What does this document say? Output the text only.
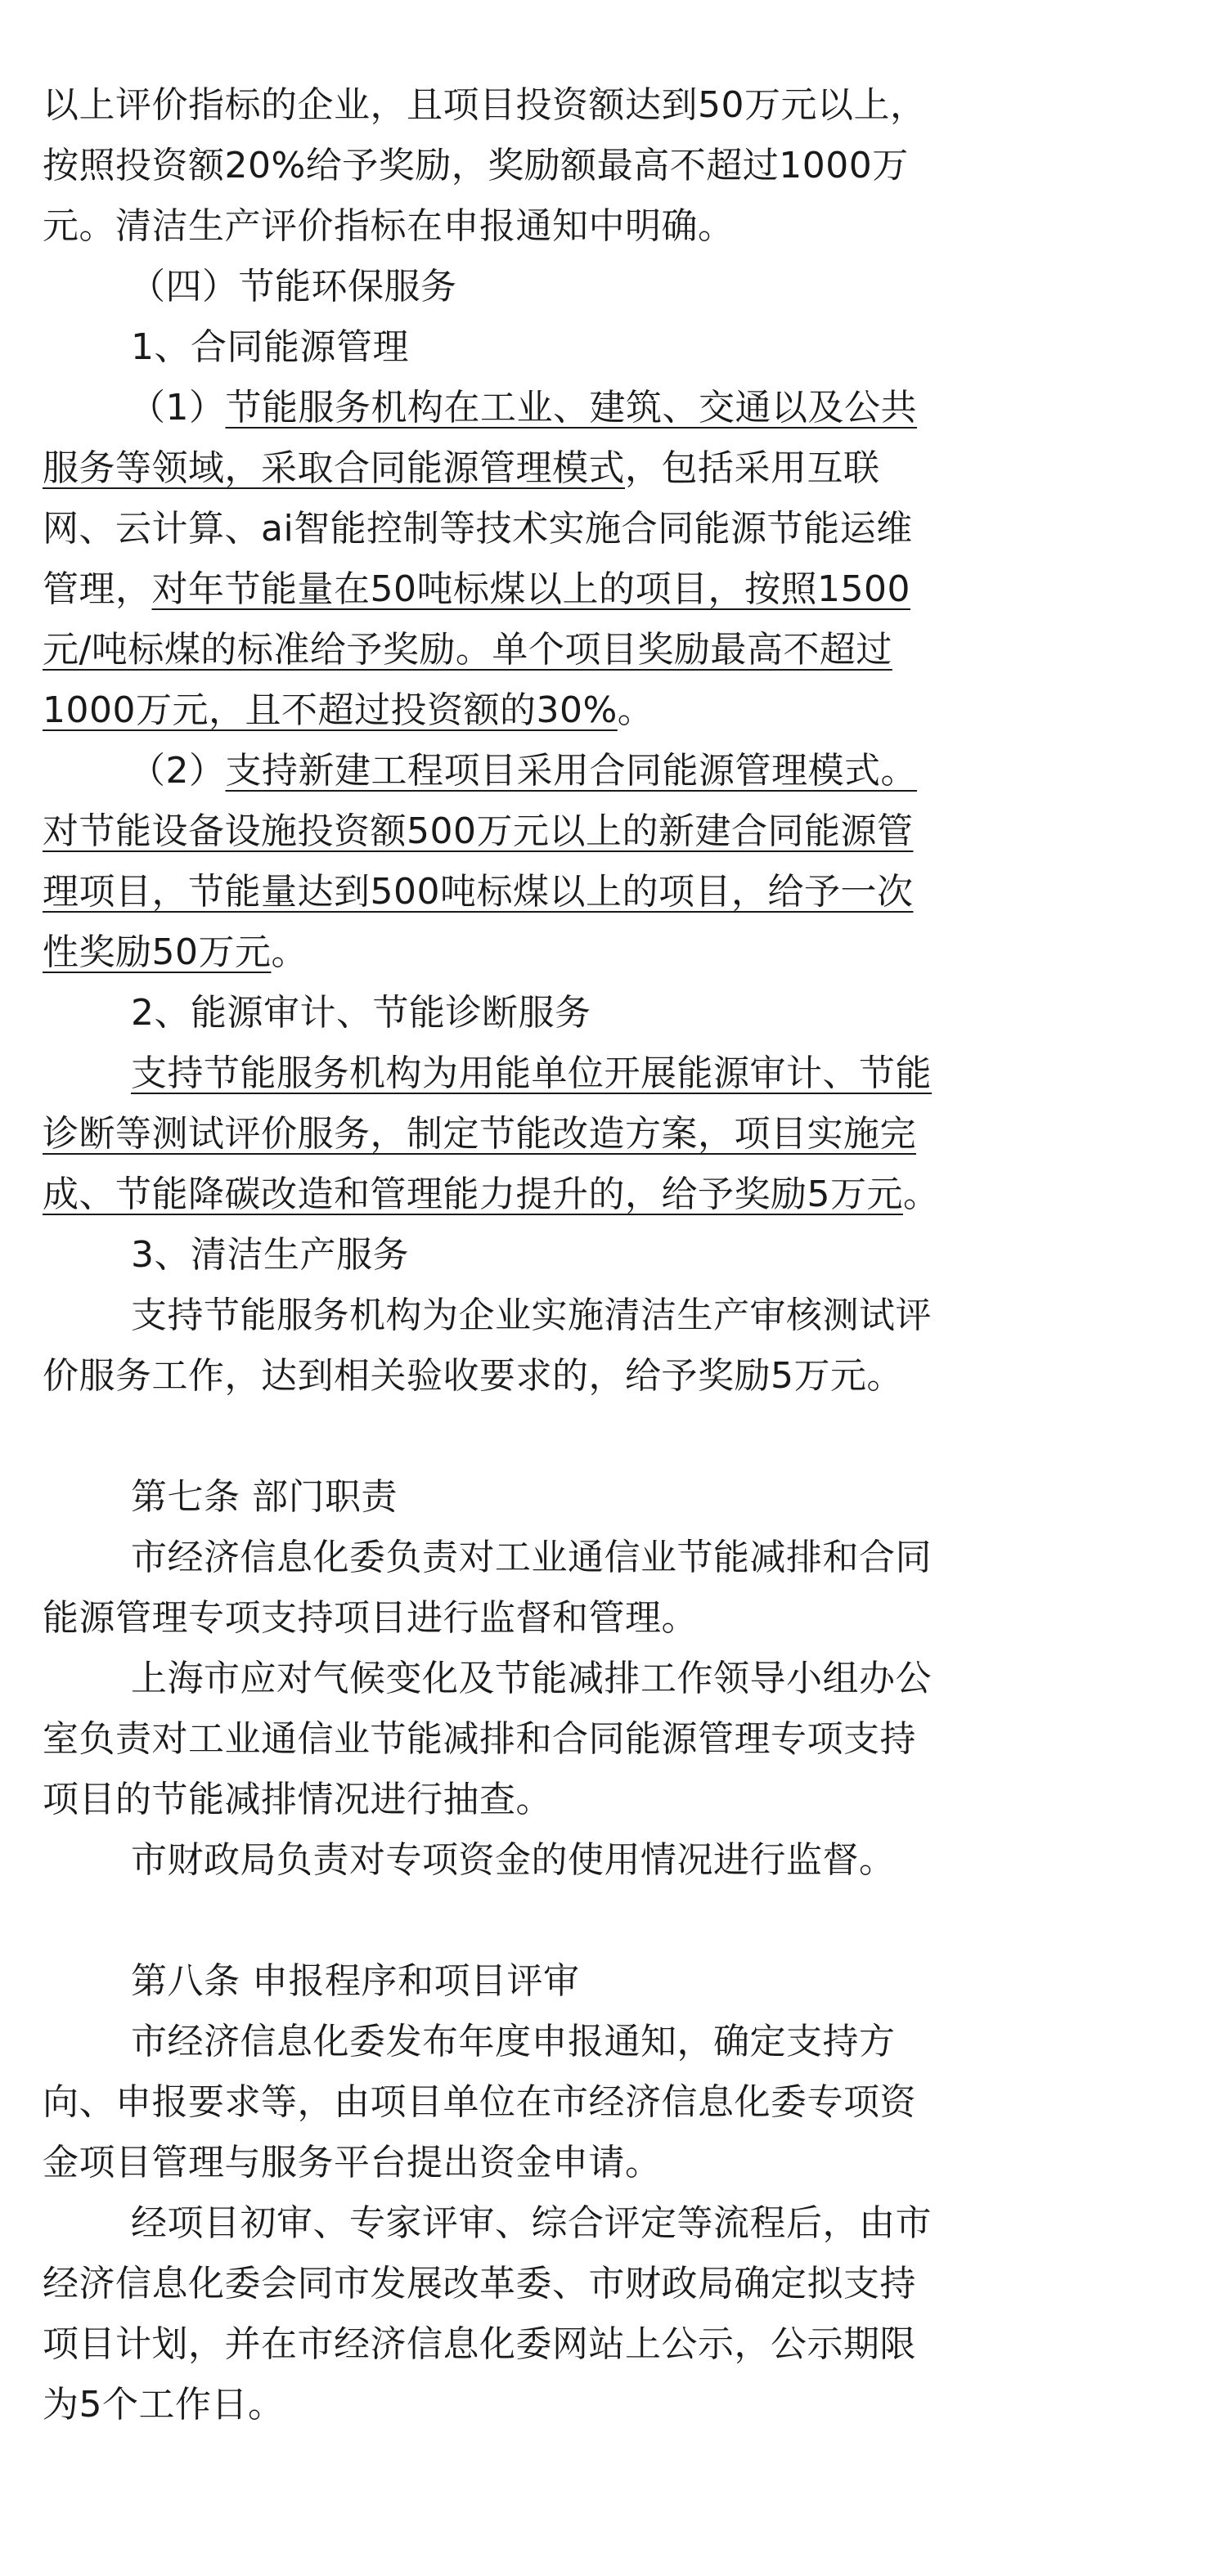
以上评价指标的企业，且项目投资额达到50万元以上，
按照投资额20%给予奖励，奖励额最高不超过1000万
元。清洁生产评价指标在申报通知中明确。
（四）节能环保服务
1、合同能源管理
（1）节能服务机构在工业、建筑、交通以及公共
服务等领域，采取合同能源管理模式，包括采用互联
网、云计算、ai智能控制等技术实施合同能源节能运维
管理，对年节能量在50吨标煤以上的项目，按照1500
元/吨标煤的标准给予奖励。单个项目奖励最高不超过
1000万元，且不超过投资额的30%。
（2）支持新建工程项目采用合同能源管理模式。
对节能设备设施投资额500万元以上的新建合同能源管
理项目，节能量达到500吨标煤以上的项目，给予一次
性奖励50万元。
2、能源审计、节能诊断服务
支持节能服务机构为用能单位开展能源审计、节能
诊断等测试评价服务，制定节能改造方案，项目实施完
成、节能降碳改造和管理能力提升的，给予奖励5万元。
3、清洁生产服务
支持节能服务机构为企业实施清洁生产审核测试评
价服务工作，达到相关验收要求的，给予奖励5万元。
第七条 部门职责
市经济信息化委负责对工业通信业节能减排和合同
能源管理专项支持项目进行监督和管理。
上海市应对气候变化及节能减排工作领导小组办公
室负责对工业通信业节能减排和合同能源管理专项支持
项目的节能减排情况进行抽查。
市财政局负责对专项资金的使用情况进行监督。
第八条 申报程序和项目评审
市经济信息化委发布年度申报通知，确定支持方
向、申报要求等，由项目单位在市经济信息化委专项资
金项目管理与服务平台提出资金申请。
经项目初审、专家评审、综合评定等流程后，由市
经济信息化委会同市发展改革委、市财政局确定拟支持
项目计划，并在市经济信息化委网站上公示，公示期限
为5个工作日。
